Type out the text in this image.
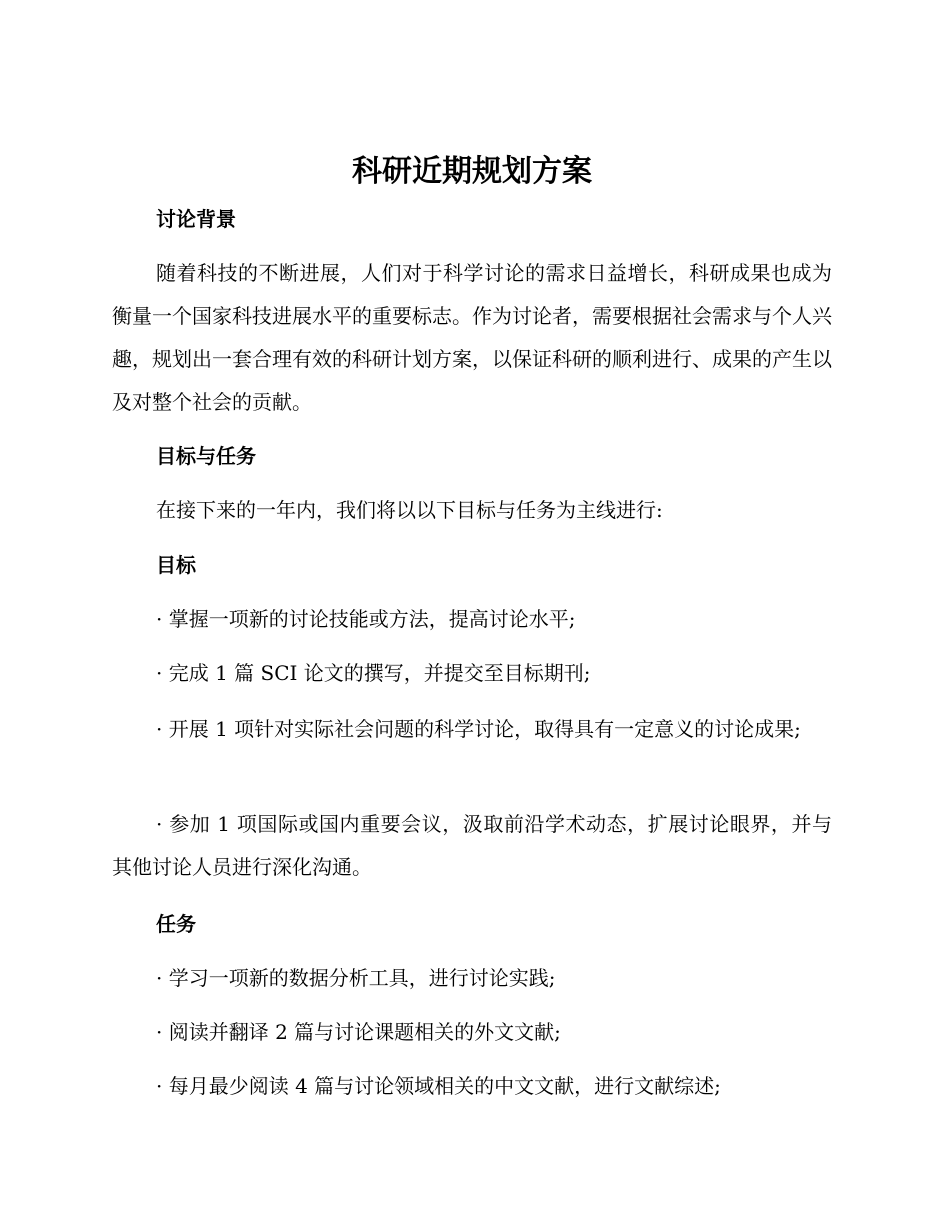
科研近期规划方案
讨论背景

随着科技的不断进展，人们对于科学讨论的需求日益增长，科研成果也成为衡量一个国家科技进展水平的重要标志。作为讨论者，需要根据社会需求与个人兴趣，规划出一套合理有效的科研计划方案，以保证科研的顺利进行、成果的产生以及对整个社会的贡献。

目标与任务

在接下来的一年内，我们将以以下目标与任务为主线进行:

目标

· 掌握一项新的讨论技能或方法，提高讨论水平;

· 完成 1 篇 SCI 论文的撰写，并提交至目标期刊;

· 开展 1 项针对实际社会问题的科学讨论，取得具有一定意义的讨论成果;

· 参加 1 项国际或国内重要会议，汲取前沿学术动态，扩展讨论眼界，并与其他讨论人员进行深化沟通。

任务

· 学习一项新的数据分析工具，进行讨论实践;

· 阅读并翻译 2 篇与讨论课题相关的外文文献;

· 每月最少阅读 4 篇与讨论领域相关的中文文献，进行文献综述;
